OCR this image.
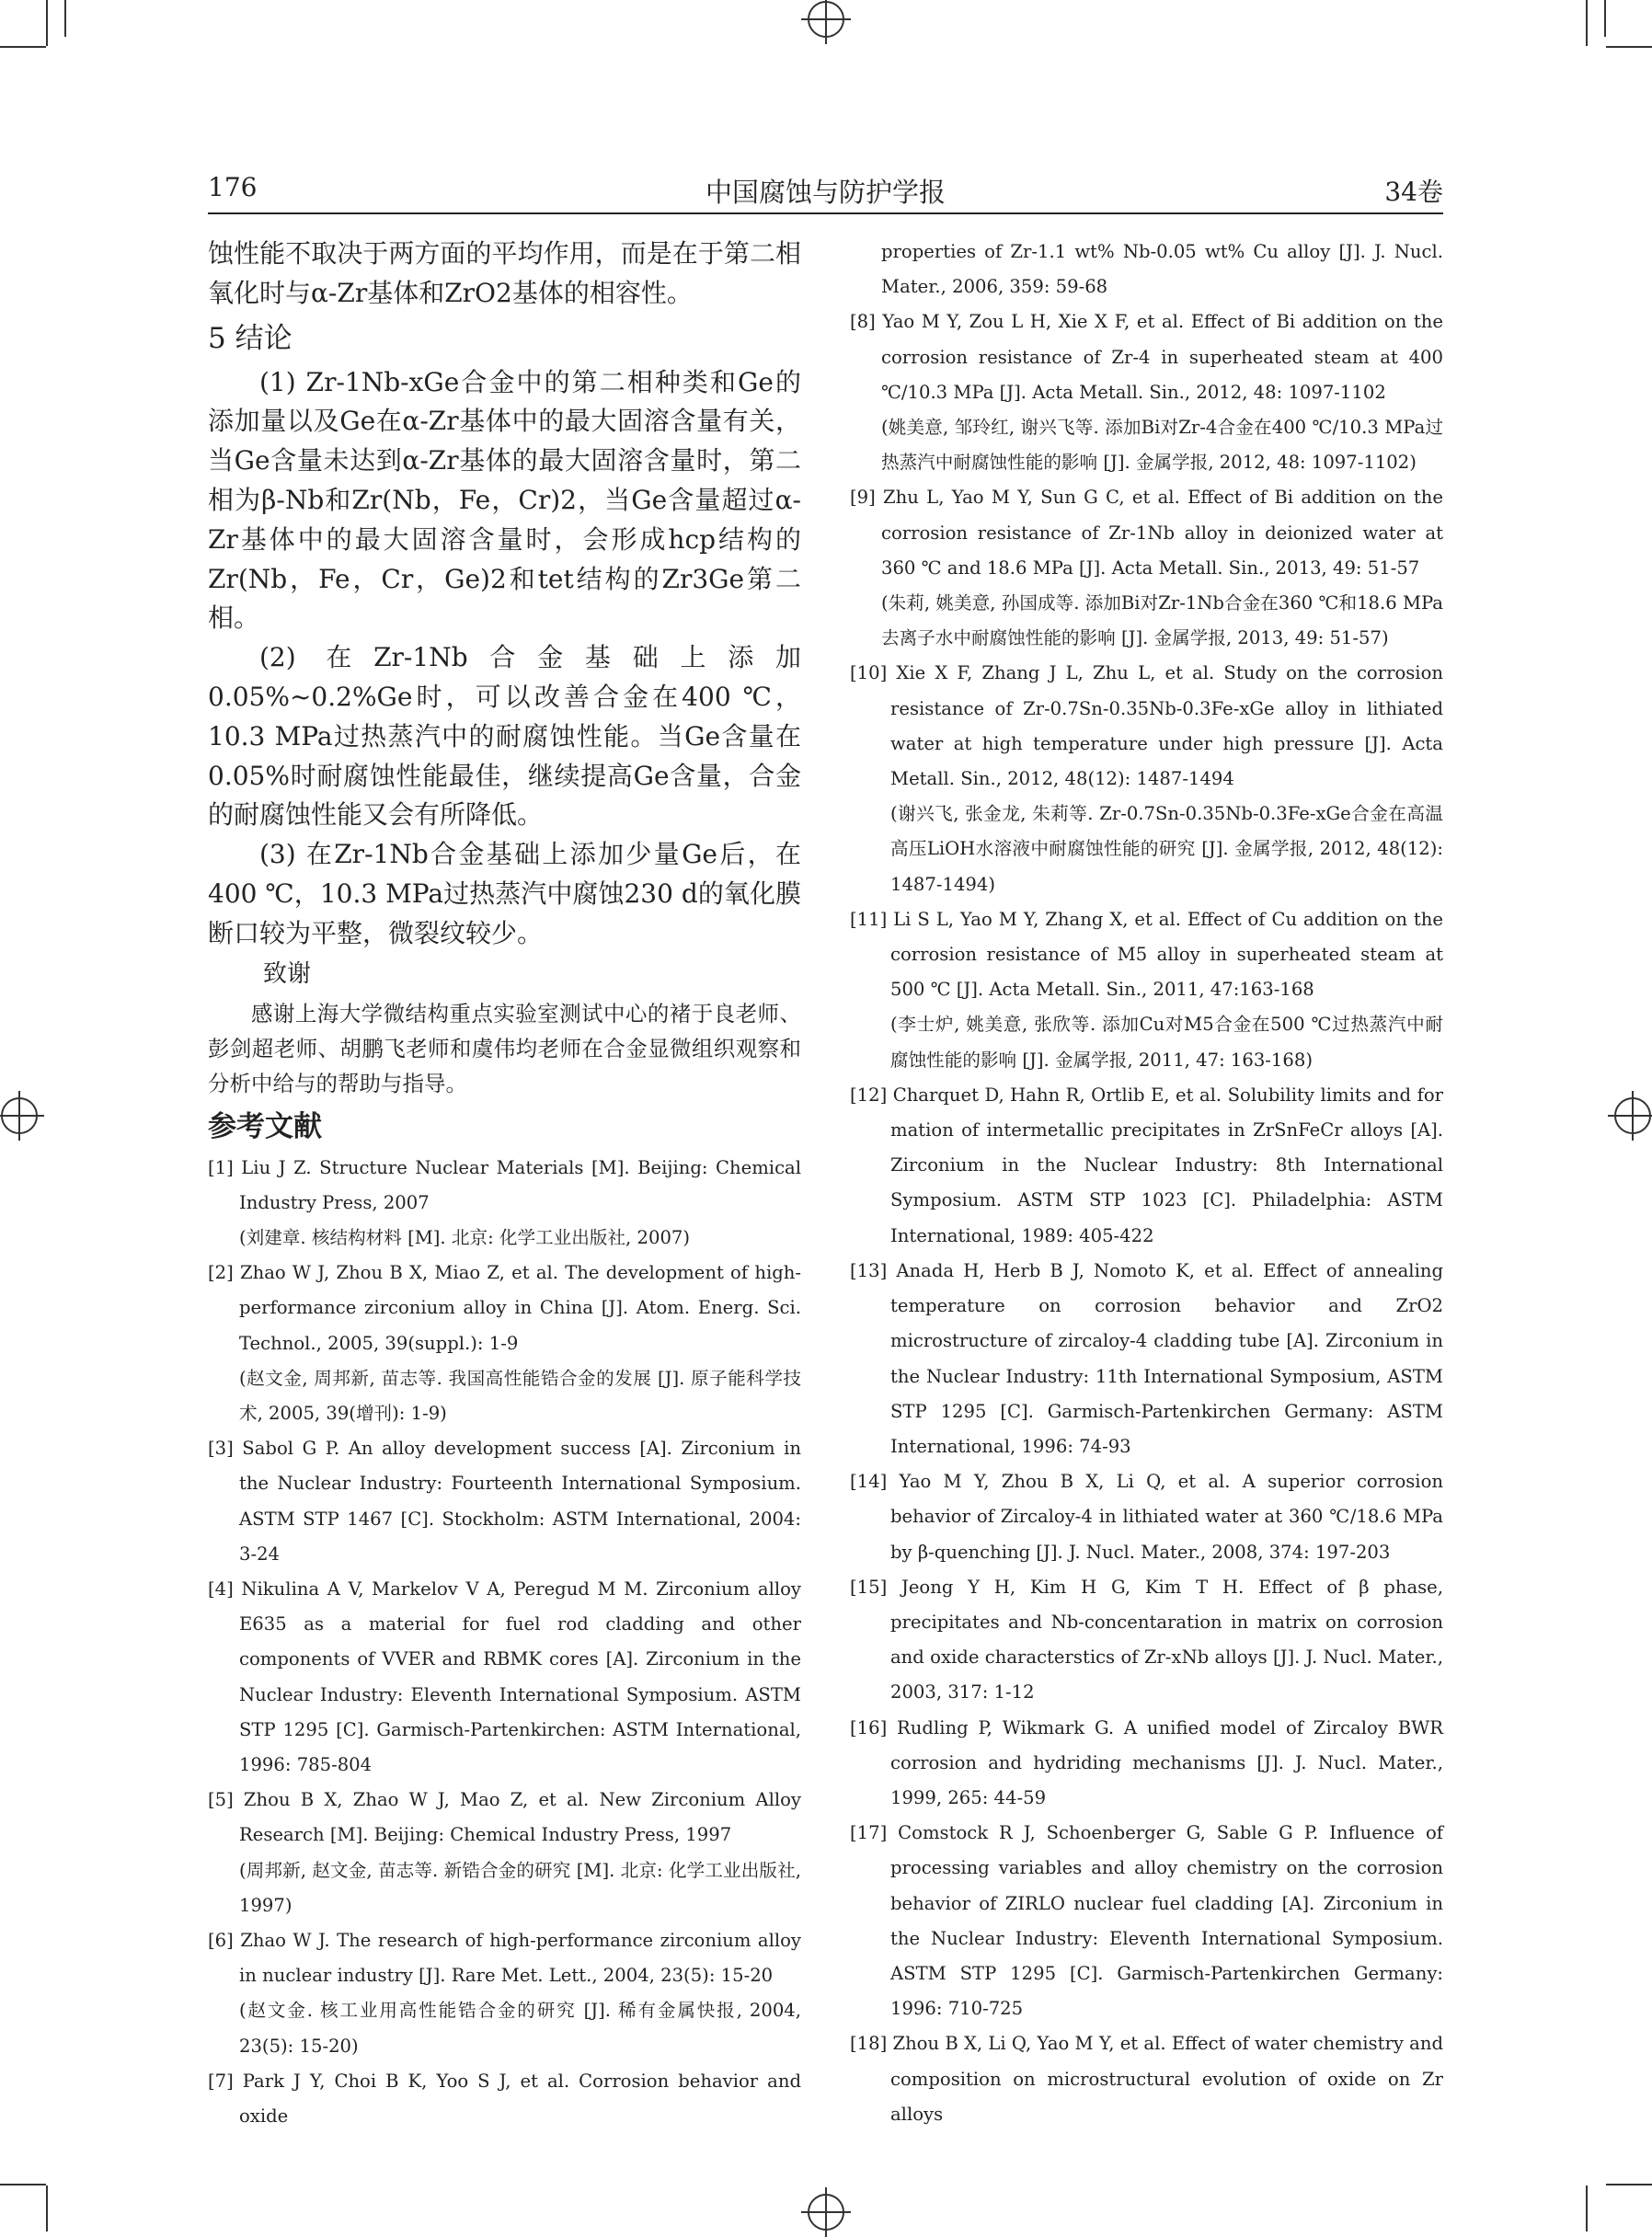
176	中国腐蚀与防护学报	34卷

蚀性能不取决于两方面的平均作用，而是在于第二相氧化时与α-Zr基体和ZrO2基体的相容性。

5 结论

(1) Zr-1Nb-xGe合金中的第二相种类和Ge的添加量以及Ge在α-Zr基体中的最大固溶含量有关，当Ge含量未达到α-Zr基体的最大固溶含量时，第二相为β-Nb和Zr(Nb，Fe，Cr)2，当Ge含量超过α-Zr基体中的最大固溶含量时，会形成hcp结构的Zr(Nb，Fe，Cr，Ge)2和tet结构的Zr3Ge第二相。

(2) 在Zr-1Nb合金基础上添加0.05%~0.2%Ge时，可以改善合金在400 ℃，10.3 MPa过热蒸汽中的耐腐蚀性能。当Ge含量在0.05%时耐腐蚀性能最佳，继续提高Ge含量，合金的耐腐蚀性能又会有所降低。

(3) 在Zr-1Nb合金基础上添加少量Ge后，在400 ℃，10.3 MPa过热蒸汽中腐蚀230 d的氧化膜断口较为平整，微裂纹较少。

致谢

感谢上海大学微结构重点实验室测试中心的褚于良老师、彭剑超老师、胡鹏飞老师和虞伟均老师在合金显微组织观察和分析中给与的帮助与指导。

参考文献

[1] Liu J Z. Structure Nuclear Materials [M]. Beijing: Chemical Industry Press, 2007
(刘建章. 核结构材料 [M]. 北京: 化学工业出版社, 2007)

[2] Zhao W J, Zhou B X, Miao Z, et al. The development of high-performance zirconium alloy in China [J]. Atom. Energ. Sci. Technol., 2005, 39(suppl.): 1-9
(赵文金, 周邦新, 苗志等. 我国高性能锆合金的发展 [J]. 原子能科学技术, 2005, 39(增刊): 1-9)

[3] Sabol G P. An alloy development success [A]. Zirconium in the Nuclear Industry: Fourteenth International Symposium. ASTM STP 1467 [C]. Stockholm: ASTM International, 2004: 3-24

[4] Nikulina A V, Markelov V A, Peregud M M. Zirconium alloy E635 as a material for fuel rod cladding and other components of VVER and RBMK cores [A]. Zirconium in the Nuclear Industry: Eleventh International Symposium. ASTM STP 1295 [C]. Garmisch-Partenkirchen: ASTM International, 1996: 785-804

[5] Zhou B X, Zhao W J, Mao Z, et al. New Zirconium Alloy Research [M]. Beijing: Chemical Industry Press, 1997
(周邦新, 赵文金, 苗志等. 新锆合金的研究 [M]. 北京: 化学工业出版社, 1997)

[6] Zhao W J. The research of high-performance zirconium alloy in nuclear industry [J]. Rare Met. Lett., 2004, 23(5): 15-20
(赵文金. 核工业用高性能锆合金的研究 [J]. 稀有金属快报, 2004, 23(5): 15-20)

[7] Park J Y, Choi B K, Yoo S J, et al. Corrosion behavior and oxide

properties of Zr-1.1 wt% Nb-0.05 wt% Cu alloy [J]. J. Nucl. Mater., 2006, 359: 59-68

[8] Yao M Y, Zou L H, Xie X F, et al. Effect of Bi addition on the corrosion resistance of Zr-4 in superheated steam at 400 ℃/10.3 MPa [J]. Acta Metall. Sin., 2012, 48: 1097-1102
(姚美意, 邹玲红, 谢兴飞等. 添加Bi对Zr-4合金在400 ℃/10.3 MPa过热蒸汽中耐腐蚀性能的影响 [J]. 金属学报, 2012, 48: 1097-1102)

[9] Zhu L, Yao M Y, Sun G C, et al. Effect of Bi addition on the corrosion resistance of Zr-1Nb alloy in deionized water at 360 ℃ and 18.6 MPa [J]. Acta Metall. Sin., 2013, 49: 51-57
(朱莉, 姚美意, 孙国成等. 添加Bi对Zr-1Nb合金在360 ℃和18.6 MPa去离子水中耐腐蚀性能的影响 [J]. 金属学报, 2013, 49: 51-57)

[10] Xie X F, Zhang J L, Zhu L, et al. Study on the corrosion resistance of Zr-0.7Sn-0.35Nb-0.3Fe-xGe alloy in lithiated water at high temperature under high pressure [J]. Acta Metall. Sin., 2012, 48(12): 1487-1494
(谢兴飞, 张金龙, 朱莉等. Zr-0.7Sn-0.35Nb-0.3Fe-xGe合金在高温高压LiOH水溶液中耐腐蚀性能的研究 [J]. 金属学报, 2012, 48(12): 1487-1494)

[11] Li S L, Yao M Y, Zhang X, et al. Effect of Cu addition on the corrosion resistance of M5 alloy in superheated steam at 500 ℃ [J]. Acta Metall. Sin., 2011, 47:163-168
(李士炉, 姚美意, 张欣等. 添加Cu对M5合金在500 ℃过热蒸汽中耐腐蚀性能的影响 [J]. 金属学报, 2011, 47: 163-168)

[12] Charquet D, Hahn R, Ortlib E, et al. Solubility limits and for mation of intermetallic precipitates in ZrSnFeCr alloys [A]. Zirconium in the Nuclear Industry: 8th International Symposium. ASTM STP 1023 [C]. Philadelphia: ASTM International, 1989: 405-422

[13] Anada H, Herb B J, Nomoto K, et al. Effect of annealing temperature on corrosion behavior and ZrO2 microstructure of zircaloy-4 cladding tube [A]. Zirconium in the Nuclear Industry: 11th International Symposium, ASTM STP 1295 [C]. Garmisch-Partenkirchen Germany: ASTM International, 1996: 74-93

[14] Yao M Y, Zhou B X, Li Q, et al. A superior corrosion behavior of Zircaloy-4 in lithiated water at 360 ℃/18.6 MPa by β-quenching [J]. J. Nucl. Mater., 2008, 374: 197-203

[15] Jeong Y H, Kim H G, Kim T H. Effect of β phase, precipitates and Nb-concentaration in matrix on corrosion and oxide characterstics of Zr-xNb alloys [J]. J. Nucl. Mater., 2003, 317: 1-12

[16] Rudling P, Wikmark G. A unified model of Zircaloy BWR corrosion and hydriding mechanisms [J]. J. Nucl. Mater., 1999, 265: 44-59

[17] Comstock R J, Schoenberger G, Sable G P. Influence of processing variables and alloy chemistry on the corrosion behavior of ZIRLO nuclear fuel cladding [A]. Zirconium in the Nuclear Industry: Eleventh International Symposium. ASTM STP 1295 [C]. Garmisch-Partenkirchen Germany: 1996: 710-725

[18] Zhou B X, Li Q, Yao M Y, et al. Effect of water chemistry and composition on microstructural evolution of oxide on Zr alloys
